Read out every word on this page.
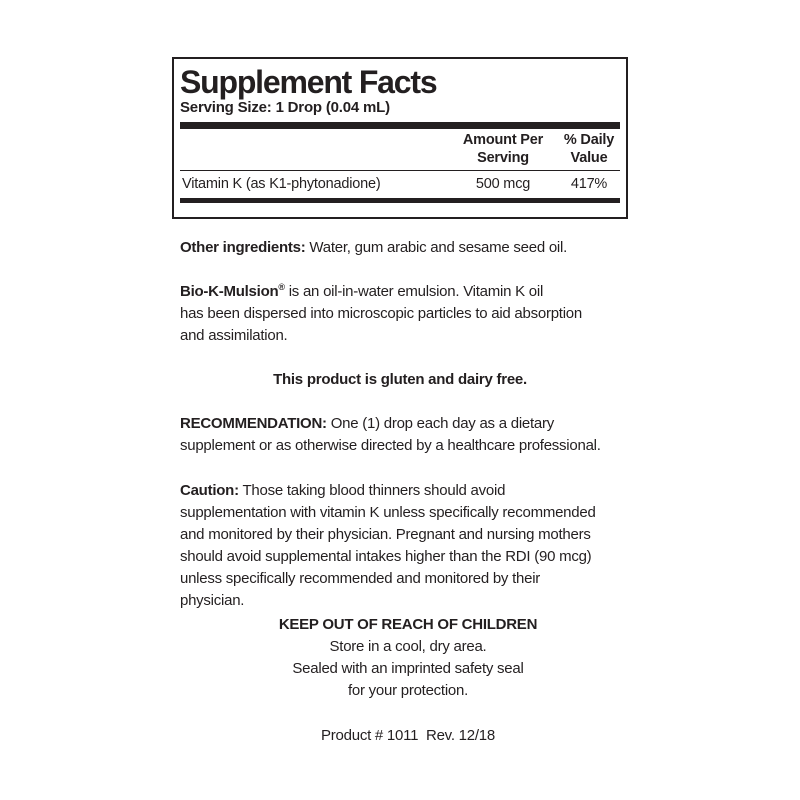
Supplement Facts
Serving Size: 1 Drop (0.04 mL)
Amount Per
Serving
% Daily
Value
Vitamin K (as K1-phytonadione)	500 mcg	417%
Other ingredients: Water, gum arabic and sesame seed oil.
Bio-K-Mulsion® is an oil-in-water emulsion. Vitamin K oil
has been dispersed into microscopic particles to aid absorption
and assimilation.
This product is gluten and dairy free.
RECOMMENDATION: One (1) drop each day as a dietary
supplement or as otherwise directed by a healthcare professional.
Caution: Those taking blood thinners should avoid
supplementation with vitamin K unless specifically recommended
and monitored by their physician. Pregnant and nursing mothers
should avoid supplemental intakes higher than the RDI (90 mcg)
unless specifically recommended and monitored by their
physician.
KEEP OUT OF REACH OF CHILDREN
Store in a cool, dry area.
Sealed with an imprinted safety seal
for your protection.
Product # 1011  Rev. 12/18
